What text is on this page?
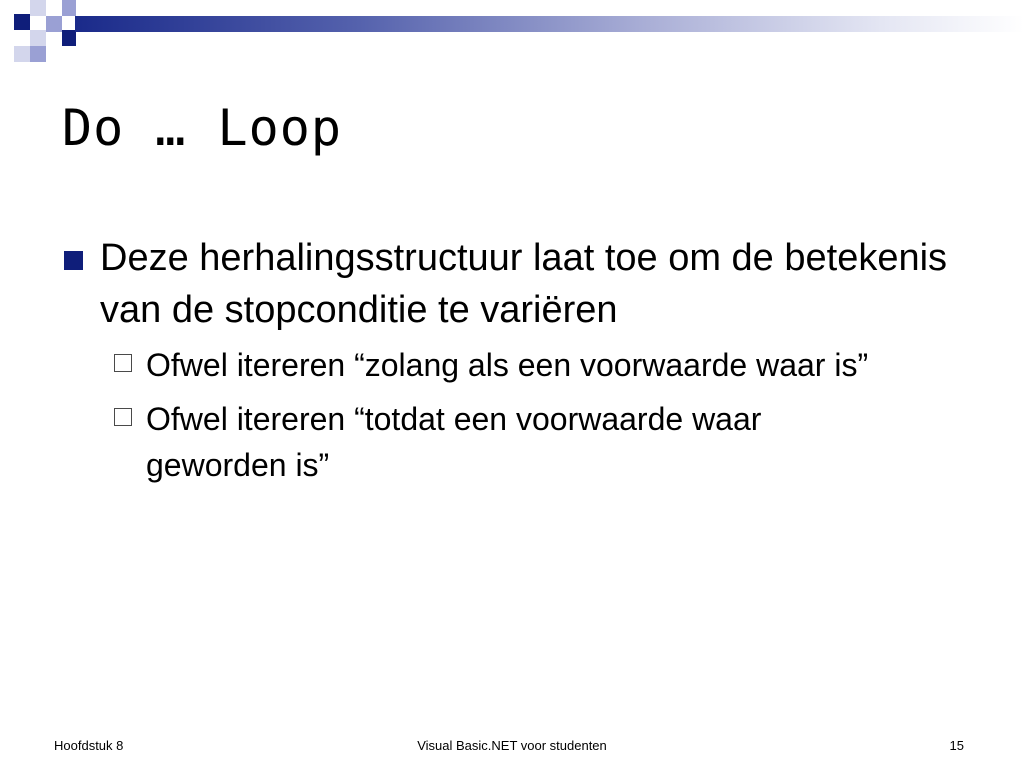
Do … Loop
Deze herhalingsstructuur laat toe om de betekenis van de stopconditie te variëren
Ofwel itereren “zolang als een voorwaarde waar is”
Ofwel itereren “totdat een voorwaarde waar geworden is”
Hoofdstuk 8	Visual Basic.NET voor studenten	15
